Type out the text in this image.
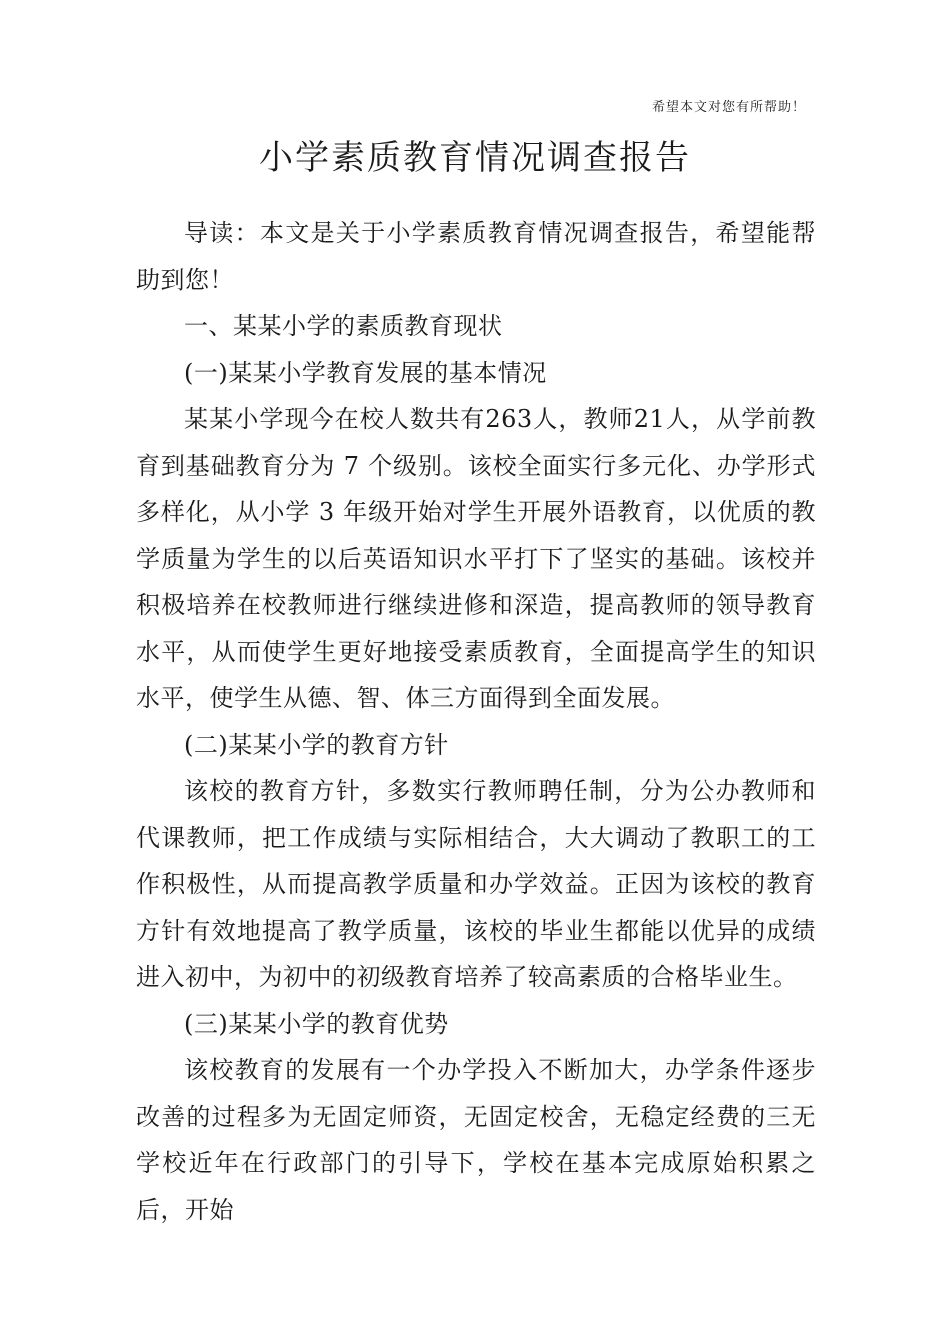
希望本文对您有所帮助！
小学素质教育情况调查报告

导读：本文是关于小学素质教育情况调查报告，希望能帮助到您！

一、某某小学的素质教育现状

(一)某某小学教育发展的基本情况

某某小学现今在校人数共有263人，教师21人，从学前教育到基础教育分为 7 个级别。该校全面实行多元化、办学形式多样化，从小学 3 年级开始对学生开展外语教育，以优质的教学质量为学生的以后英语知识水平打下了坚实的基础。该校并积极培养在校教师进行继续进修和深造，提高教师的领导教育水平，从而使学生更好地接受素质教育，全面提高学生的知识水平，使学生从德、智、体三方面得到全面发展。

(二)某某小学的教育方针

该校的教育方针，多数实行教师聘任制，分为公办教师和代课教师，把工作成绩与实际相结合，大大调动了教职工的工作积极性，从而提高教学质量和办学效益。正因为该校的教育方针有效地提高了教学质量，该校的毕业生都能以优异的成绩进入初中，为初中的初级教育培养了较高素质的合格毕业生。

(三)某某小学的教育优势

该校教育的发展有一个办学投入不断加大，办学条件逐步改善的过程多为无固定师资，无固定校舍，无稳定经费的三无学校近年在行政部门的引导下，学校在基本完成原始积累之后，开始
